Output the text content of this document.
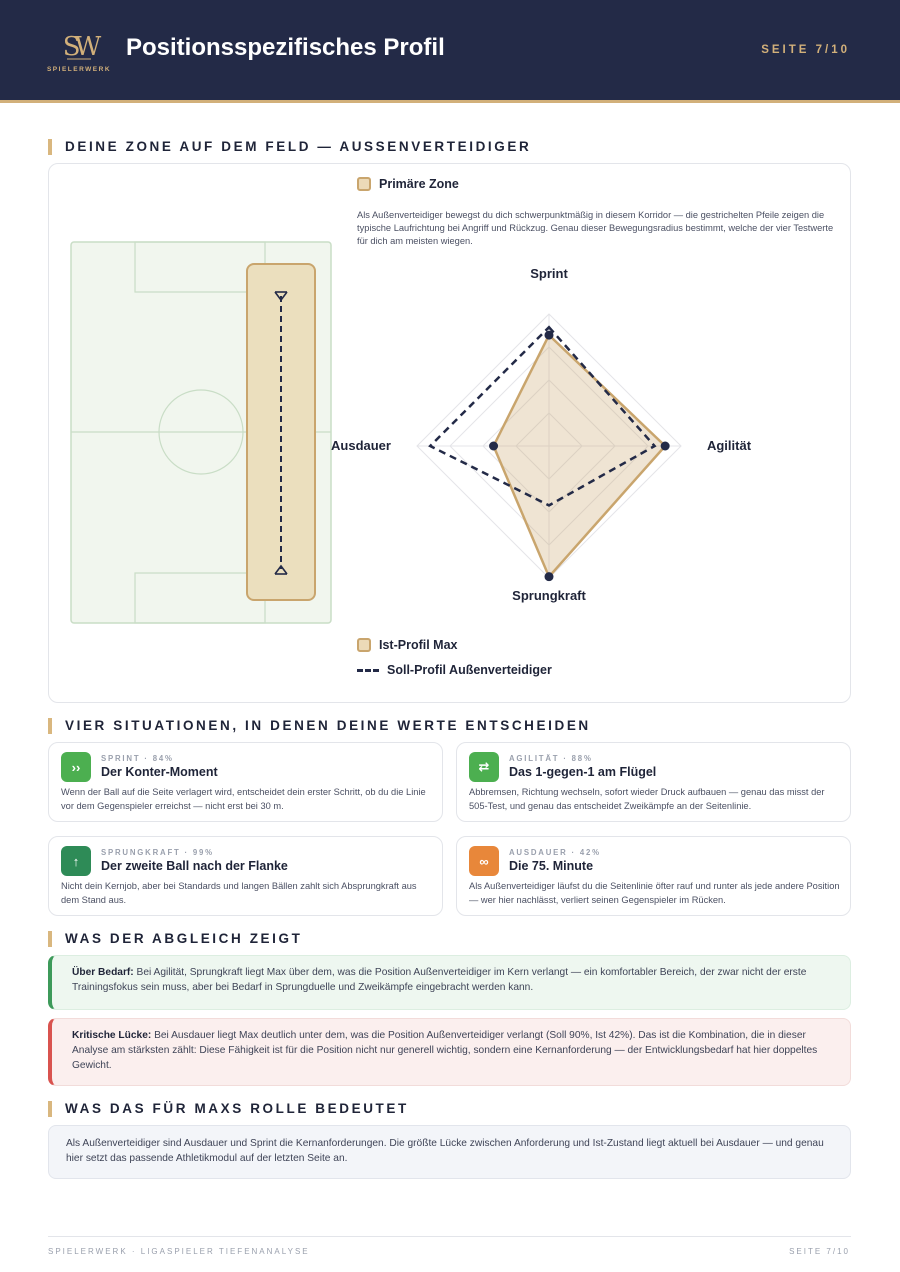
SW
SPIELERWERK
Positionsspezifisches Profil	SEITE 7/10
DEINE ZONE AUF DEM FELD — AUSSENVERTEIDIGER
Primäre Zone
Als Außenverteidiger bewegst du dich schwerpunktmäßig in diesem Korridor — die gestrichelten Pfeile zeigen die typische Laufrichtung bei Angriff und Rückzug. Genau dieser Bewegungsradius bestimmt, welche der vier Testwerte für dich am meisten wiegen.
Sprint
Agilität
Sprungkraft
Ausdauer
Ist-Profil Max
Soll-Profil Außenverteidiger
VIER SITUATIONEN, IN DENEN DEINE WERTE ENTSCHEIDEN
››
SPRINT · 84%
Der Konter-Moment
Wenn der Ball auf die Seite verlagert wird, entscheidet dein erster Schritt, ob du die Linie vor dem Gegenspieler erreichst — nicht erst bei 30 m.
⇄
AGILITÄT · 88%
Das 1-gegen-1 am Flügel
Abbremsen, Richtung wechseln, sofort wieder Druck aufbauen — genau das misst der 505-Test, und genau das entscheidet Zweikämpfe an der Seitenlinie.
↑
SPRUNGKRAFT · 99%
Der zweite Ball nach der Flanke
Nicht dein Kernjob, aber bei Standards und langen Bällen zahlt sich Absprungkraft aus dem Stand aus.
∞
AUSDAUER · 42%
Die 75. Minute
Als Außenverteidiger läufst du die Seitenlinie öfter rauf und runter als jede andere Position — wer hier nachlässt, verliert seinen Gegenspieler im Rücken.
WAS DER ABGLEICH ZEIGT
Über Bedarf: Bei Agilität, Sprungkraft liegt Max über dem, was die Position Außenverteidiger im Kern verlangt — ein komfortabler Bereich, der zwar nicht der erste Trainingsfokus sein muss, aber bei Bedarf in Sprungduelle und Zweikämpfe eingebracht werden kann.
Kritische Lücke: Bei Ausdauer liegt Max deutlich unter dem, was die Position Außenverteidiger verlangt (Soll 90%, Ist 42%). Das ist die Kombination, die in dieser Analyse am stärksten zählt: Diese Fähigkeit ist für die Position nicht nur generell wichtig, sondern eine Kernanforderung — der Entwicklungsbedarf hat hier doppeltes Gewicht.
WAS DAS FÜR MAXS ROLLE BEDEUTET
Als Außenverteidiger sind Ausdauer und Sprint die Kernanforderungen. Die größte Lücke zwischen Anforderung und Ist-Zustand liegt aktuell bei Ausdauer — und genau hier setzt das passende Athletikmodul auf der letzten Seite an.
SPIELERWERK · LIGASPIELER TIEFENANALYSE	SEITE 7/10
